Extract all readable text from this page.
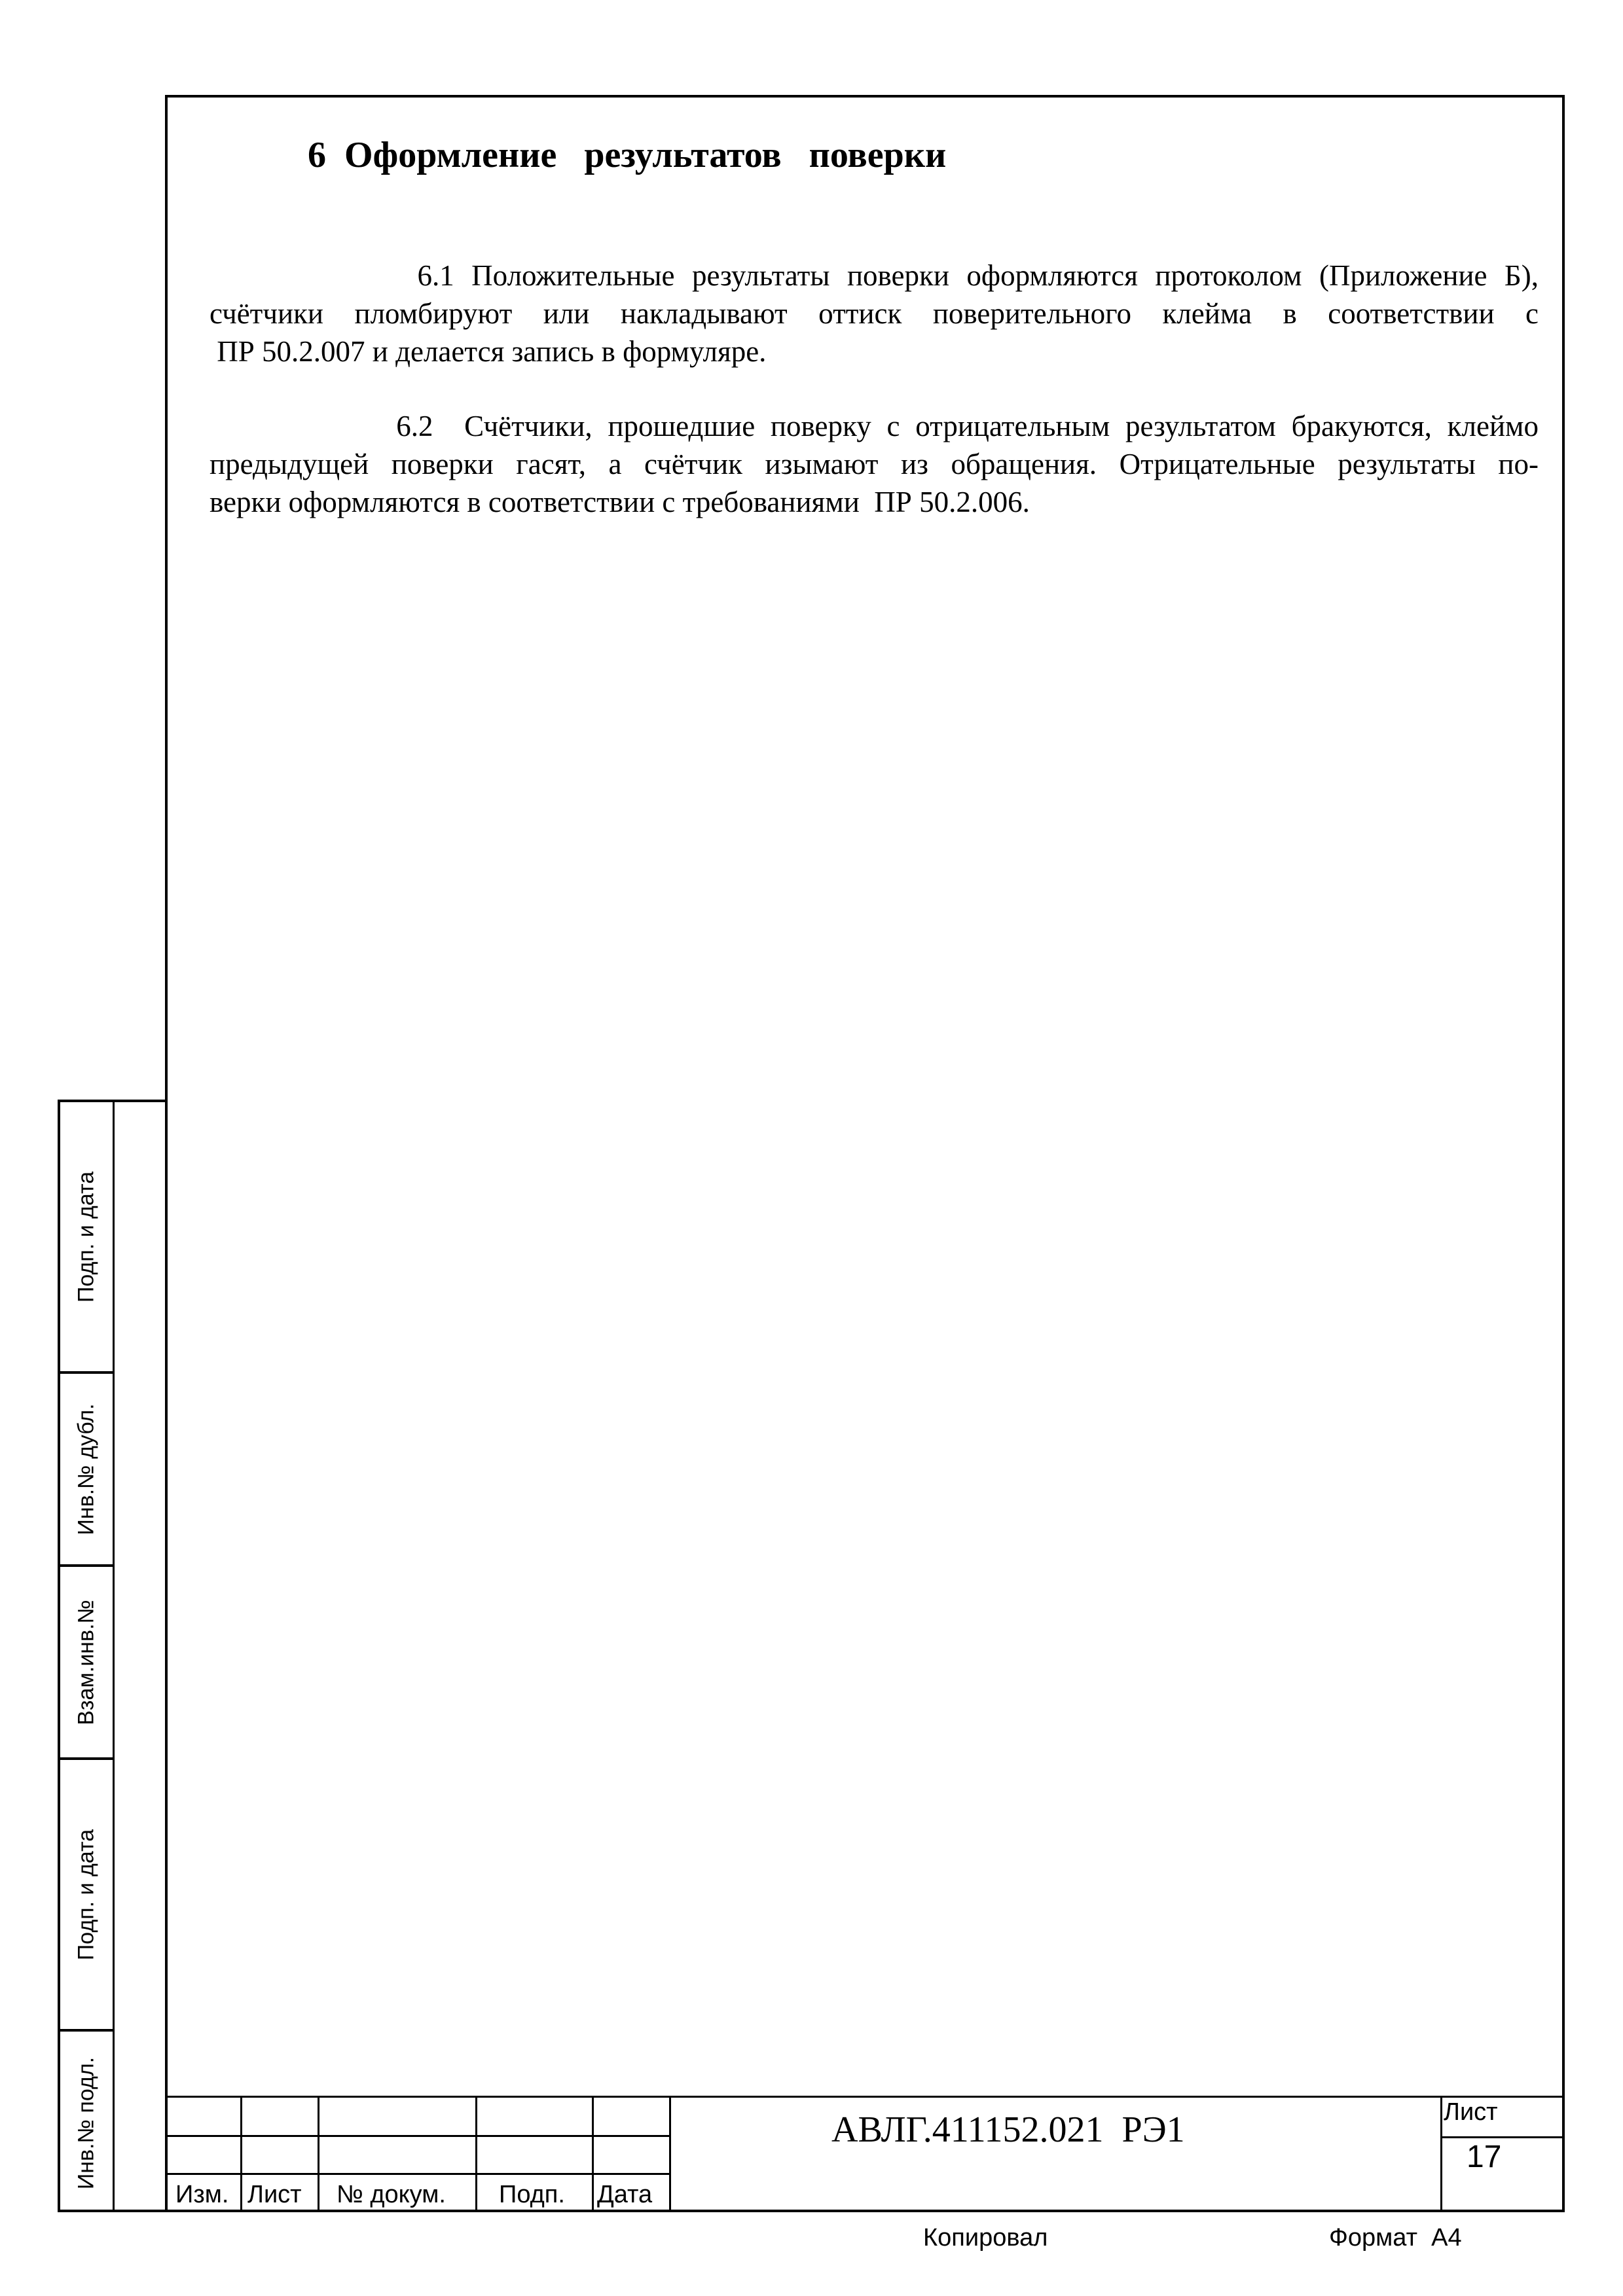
6  Оформление   результатов   поверки
6.1 Положительные результаты поверки оформляются протоколом (Приложение Б),
счётчики пломбируют или накладывают оттиск поверительного клейма в соответствии с
ПР 50.2.007 и делается запись в формуляре.
6.2  Счётчики, прошедшие поверку с отрицательным результатом бракуются, клеймо
предыдущей поверки гасят, а счётчик изымают из обращения. Отрицательные результаты по-
верки оформляются в соответствии с требованиями  ПР 50.2.006.
Подп. и дата
Инв.№ дубл.
Взам.инв.№
Подп. и дата
Инв.№ подл.
Изм. Лист № докум. Подп. Дата
АВЛГ.411152.021  РЭ1	Лист
17
Копировал	Формат  А4
